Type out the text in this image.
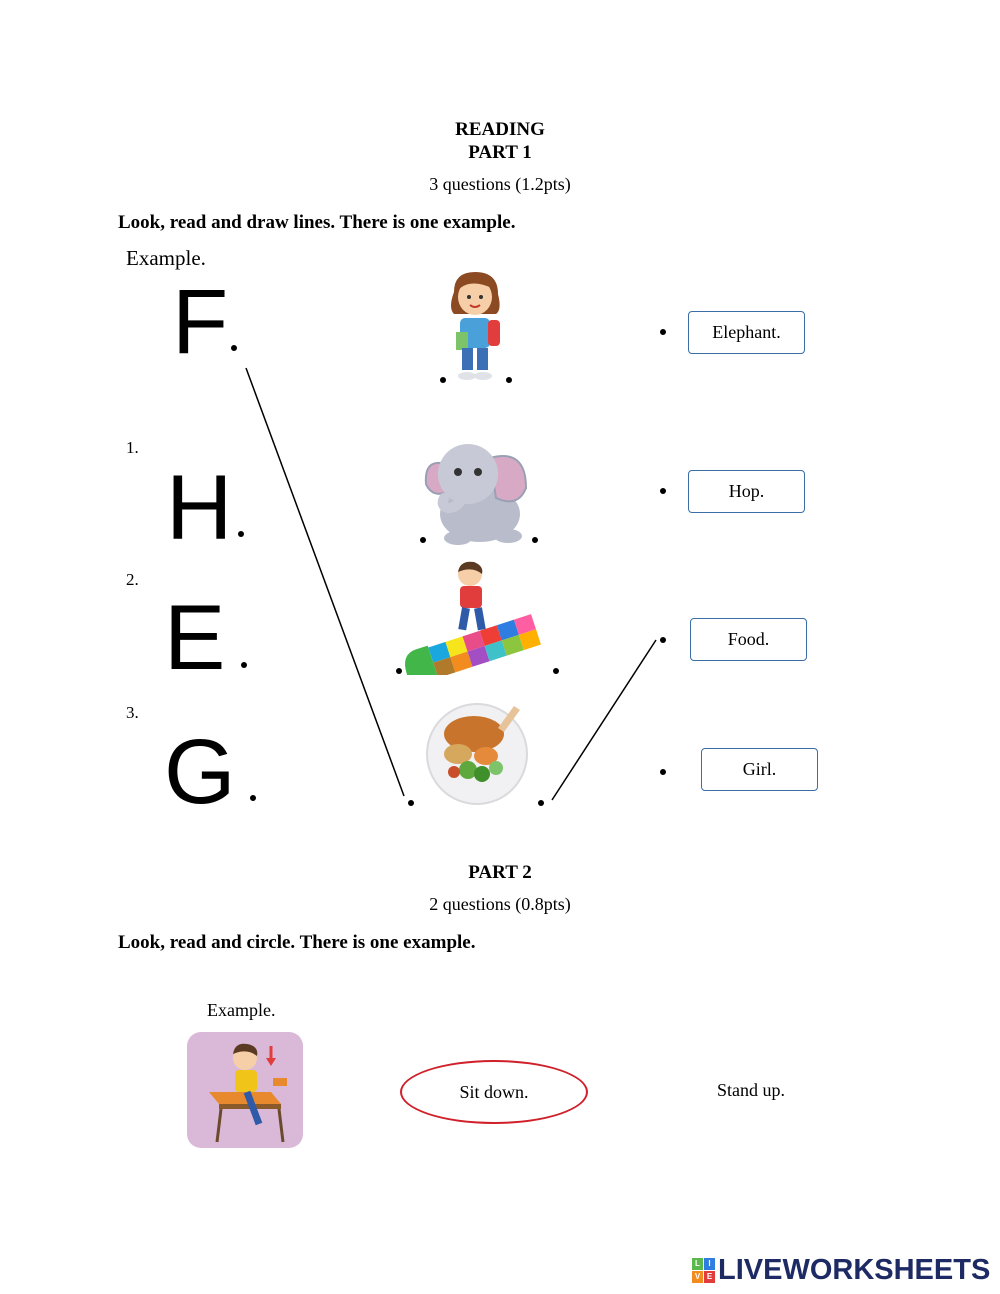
READING
PART 1
3 questions (1.2pts)
Look, read and draw lines. There is one example.
Example.
F
1.
H
2.
E
3.
G
Elephant.
Hop.
Food.
Girl.
PART 2
2 questions (0.8pts)
Look, read and circle. There is one example.
Example.
Sit down.	Stand up.
L	I
V E LIVEWORKSHEETS
